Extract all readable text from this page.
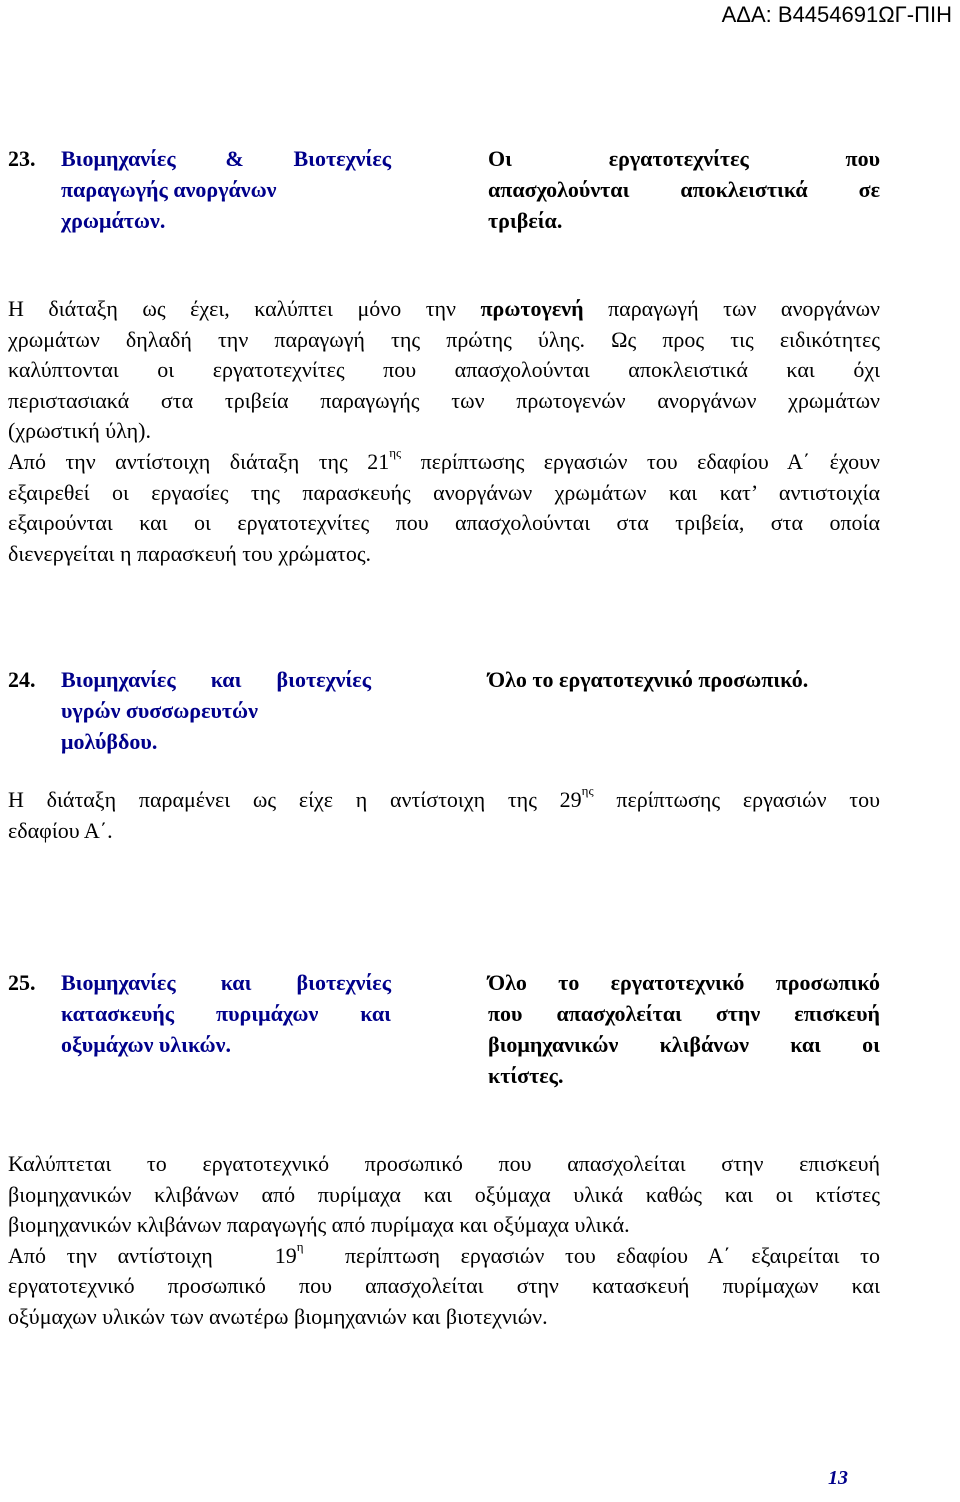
ΑΔΑ: Β4454691ΩΓ-ΠΙΗ
23. Βιομηχανίες & Βιοτεχνίες
παραγωγής ανοργάνων
χρωμάτων.
Οι εργατοτεχνίτες που
απασχολούνται αποκλειστικά σε
τριβεία.
Η διάταξη ως έχει, καλύπτει μόνο την πρωτογενή παραγωγή των ανοργάνων
χρωμάτων δηλαδή την παραγωγή της πρώτης ύλης. Ως προς τις ειδικότητες
καλύπτονται οι εργατοτεχνίτες που απασχολούνται αποκλειστικά και όχι
περιστασιακά στα τριβεία παραγωγής των πρωτογενών ανοργάνων χρωμάτων
(χρωστική ύλη).
Από την αντίστοιχη διάταξη της $21^{\eta\varsigma}$ περίπτωσης εργασιών του εδαφίου Α΄ έχουν
εξαιρεθεί οι εργασίες της παρασκευής ανοργάνων χρωμάτων και κατ’ αντιστοιχία
εξαιρούνται και οι εργατοτεχνίτες που απασχολούνται στα τριβεία, στα οποία
διενεργείται η παρασκευή του χρώματος.
24. Βιομηχανίες και βιοτεχνίες
υγρών συσσωρευτών
μολύβδου.
Όλο το εργατοτεχνικό προσωπικό.
Η διάταξη παραμένει ως είχε η αντίστοιχη της $29^{\eta\varsigma}$ περίπτωσης εργασιών του
εδαφίου Α΄.
25. Βιομηχανίες και βιοτεχνίες
κατασκευής πυριμάχων και
οξυμάχων υλικών.
Όλο το εργατοτεχνικό προσωπικό
που απασχολείται στην επισκευή
βιομηχανικών κλιβάνων και οι
κτίστες.
Καλύπτεται το εργατοτεχνικό προσωπικό που απασχολείται στην επισκευή
βιομηχανικών κλιβάνων από πυρίμαχα και οξύμαχα υλικά καθώς και οι κτίστες
βιομηχανικών κλιβάνων παραγωγής από πυρίμαχα και οξύμαχα υλικά.
Από την αντίστοιχη   $19^\eta$  περίπτωση εργασιών του εδαφίου Α΄ εξαιρείται το
εργατοτεχνικό προσωπικό που απασχολείται στην κατασκευή πυρίμαχων και
οξύμαχων υλικών των ανωτέρω βιομηχανιών και βιοτεχνιών.
13
